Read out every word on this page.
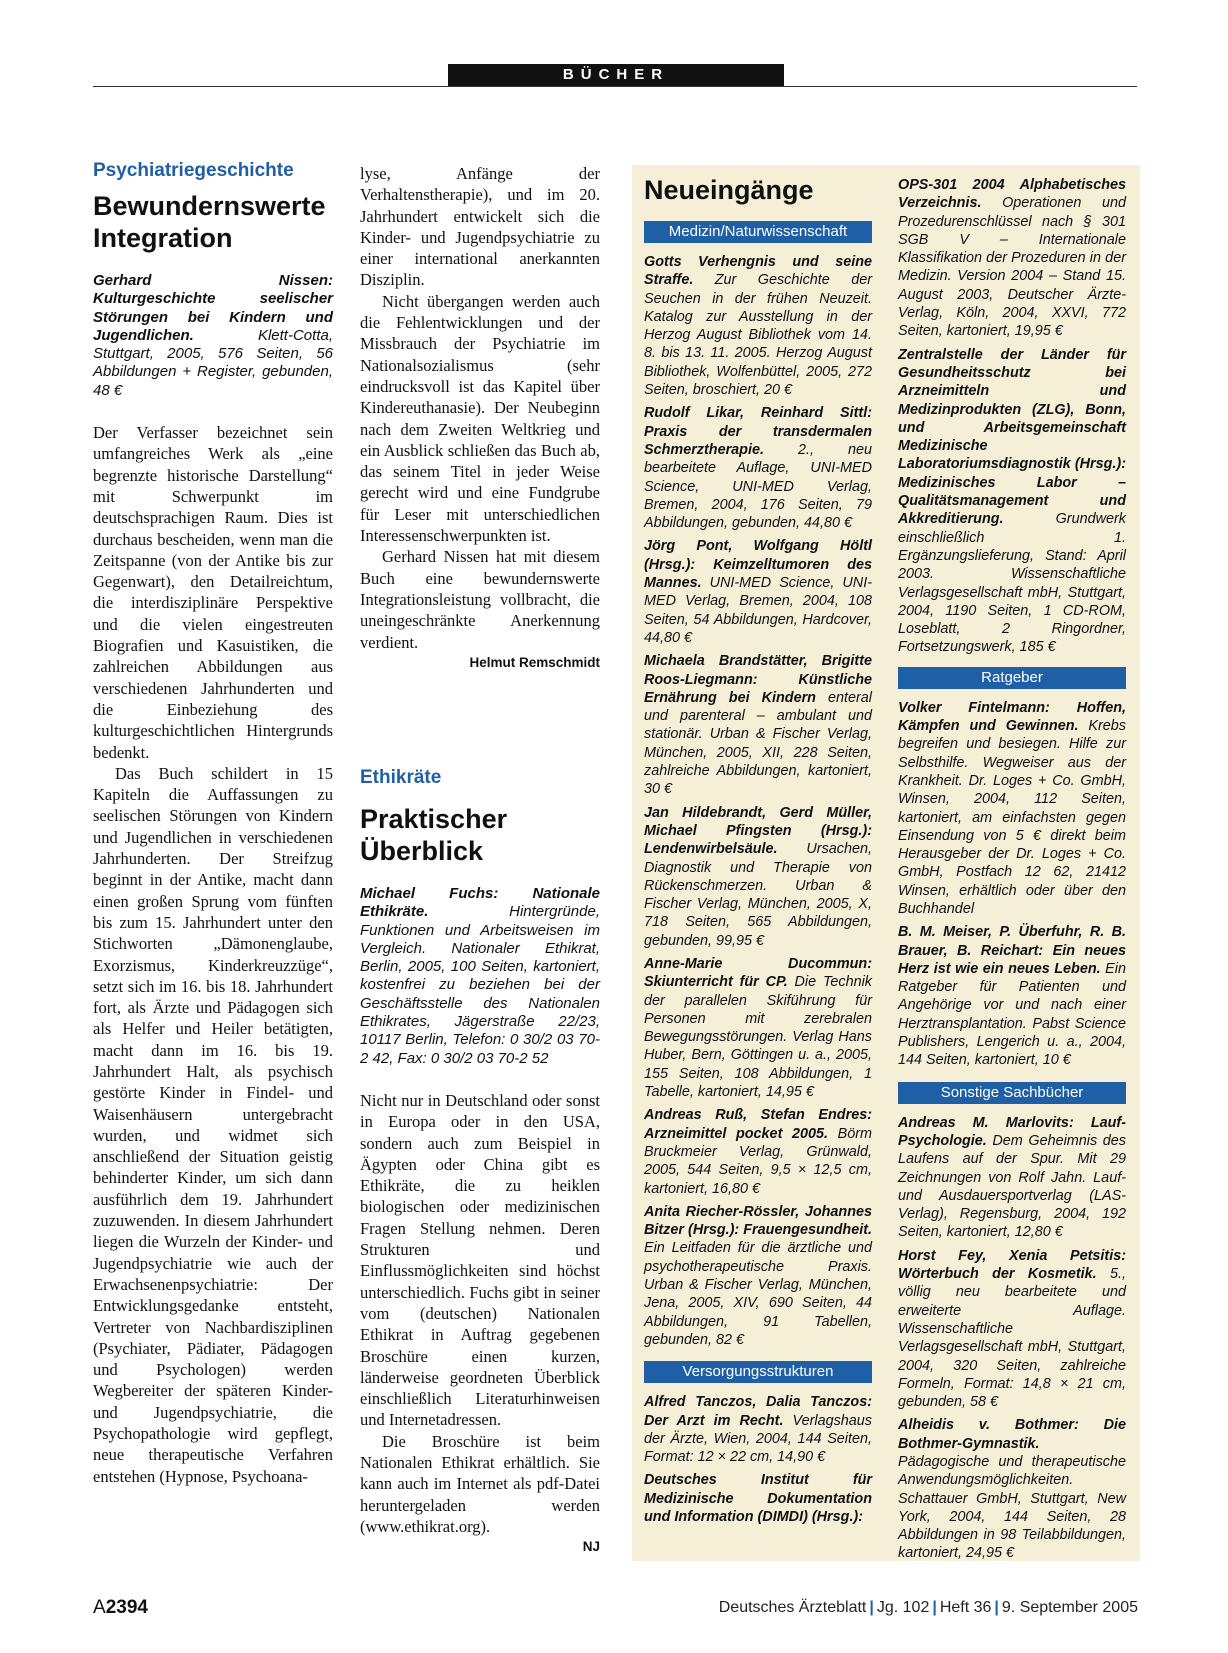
BÜCHER

Psychiatriegeschichte

Bewundernswerte
Integration
Gerhard Nissen: Kulturgeschichte seelischer Störungen bei Kindern und Jugendlichen. Klett-Cotta, Stuttgart, 2005, 576 Seiten, 56 Abbildungen + Register, gebunden, 48 €

Der Verfasser bezeichnet sein umfangreiches Werk als „eine begrenzte historische Darstellung“ mit Schwerpunkt im deutschsprachigen Raum. Dies ist durchaus bescheiden, wenn man die Zeitspanne (von der Antike bis zur Gegenwart), den Detailreichtum, die interdisziplinäre Perspektive und die vielen eingestreuten Biografien und Kasuistiken, die zahlreichen Abbildungen aus verschiedenen Jahrhunderten und die Einbeziehung des kulturgeschichtlichen Hintergrunds bedenkt.

Das Buch schildert in 15 Kapiteln die Auffassungen zu seelischen Störungen von Kindern und Jugendlichen in verschiedenen Jahrhunderten. Der Streifzug beginnt in der Antike, macht dann einen großen Sprung vom fünften bis zum 15. Jahrhundert unter den Stichworten „Dämonenglaube, Exorzismus, Kinderkreuzzüge“, setzt sich im 16. bis 18. Jahrhundert fort, als Ärzte und Pädagogen sich als Helfer und Heiler betätigten, macht dann im 16. bis 19. Jahrhundert Halt, als psychisch gestörte Kinder in Findel- und Waisenhäusern untergebracht wurden, und widmet sich anschließend der Situation geistig behinderter Kinder, um sich dann ausführlich dem 19. Jahrhundert zuzuwenden. In diesem Jahrhundert liegen die Wurzeln der Kinder- und Jugendpsychiatrie wie auch der Erwachsenenpsychiatrie: Der Entwicklungsgedanke entsteht, Vertreter von Nachbardisziplinen (Psychiater, Pädiater, Pädagogen und Psychologen) werden Wegbereiter der späteren Kinder- und Jugendpsychiatrie, die Psychopathologie wird gepflegt, neue therapeutische Verfahren entstehen (Hypnose, Psychoana-

lyse, Anfänge der Verhaltenstherapie), und im 20. Jahrhundert entwickelt sich die Kinder- und Jugendpsychiatrie zu einer international anerkannten Disziplin.

Nicht übergangen werden auch die Fehlentwicklungen und der Missbrauch der Psychiatrie im Nationalsozialismus (sehr eindrucksvoll ist das Kapitel über Kindereuthanasie). Der Neubeginn nach dem Zweiten Weltkrieg und ein Ausblick schließen das Buch ab, das seinem Titel in jeder Weise gerecht wird und eine Fundgrube für Leser mit unterschiedlichen Interessenschwerpunkten ist.

Gerhard Nissen hat mit diesem Buch eine bewundernswerte Integrationsleistung vollbracht, die uneingeschränkte Anerkennung verdient.

Helmut Remschmidt

Ethikräte

Praktischer
Überblick
Michael Fuchs: Nationale Ethikräte. Hintergründe, Funktionen und Arbeitsweisen im Vergleich. Nationaler Ethikrat, Berlin, 2005, 100 Seiten, kartoniert, kostenfrei zu beziehen bei der Geschäftsstelle des Nationalen Ethikrates, Jägerstraße 22/23, 10117 Berlin, Telefon: 0 30/2 03 70-2 42, Fax: 0 30/2 03 70-2 52

Nicht nur in Deutschland oder sonst in Europa oder in den USA, sondern auch zum Beispiel in Ägypten oder China gibt es Ethikräte, die zu heiklen biologischen oder medizinischen Fragen Stellung nehmen. Deren Strukturen und Einflussmöglichkeiten sind höchst unterschiedlich. Fuchs gibt in seiner vom (deutschen) Nationalen Ethikrat in Auftrag gegebenen Broschüre einen kurzen, länderweise geordneten Überblick einschließlich Literaturhinweisen und Internetadressen.

Die Broschüre ist beim Nationalen Ethikrat erhältlich. Sie kann auch im Internet als pdf-Datei heruntergeladen werden (www.ethikrat.org).

NJ
Neueingänge
Medizin/Naturwissenschaft

Gotts Verhengnis und seine Straffe. Zur Geschichte der Seuchen in der frühen Neuzeit. Katalog zur Ausstellung in der Herzog August Bibliothek vom 14. 8. bis 13. 11. 2005. Herzog August Bibliothek, Wolfenbüttel, 2005, 272 Seiten, broschiert, 20 €

Rudolf Likar, Reinhard Sittl: Praxis der transdermalen Schmerztherapie. 2., neu bearbeitete Auflage, UNI-MED Science, UNI-MED Verlag, Bremen, 2004, 176 Seiten, 79 Abbildungen, gebunden, 44,80 €

Jörg Pont, Wolfgang Höltl (Hrsg.): Keimzelltumoren des Mannes. UNI-MED Science, UNI-MED Verlag, Bremen, 2004, 108 Seiten, 54 Abbildungen, Hardcover, 44,80 €

Michaela Brandstätter, Brigitte Roos-Liegmann: Künstliche Ernährung bei Kindern enteral und parenteral – ambulant und stationär. Urban & Fischer Verlag, München, 2005, XII, 228 Seiten, zahlreiche Abbildungen, kartoniert, 30 €

Jan Hildebrandt, Gerd Müller, Michael Pfingsten (Hrsg.): Lendenwirbelsäule. Ursachen, Diagnostik und Therapie von Rückenschmerzen. Urban & Fischer Verlag, München, 2005, X, 718 Seiten, 565 Abbildungen, gebunden, 99,95 €

Anne-Marie Ducommun: Skiunterricht für CP. Die Technik der parallelen Skiführung für Personen mit zerebralen Bewegungsstörungen. Verlag Hans Huber, Bern, Göttingen u. a., 2005, 155 Seiten, 108 Abbildungen, 1 Tabelle, kartoniert, 14,95 €

Andreas Ruß, Stefan Endres: Arzneimittel pocket 2005. Börm Bruckmeier Verlag, Grünwald, 2005, 544 Seiten, 9,5 × 12,5 cm, kartoniert, 16,80 €

Anita Riecher-Rössler, Johannes Bitzer (Hrsg.): Frauengesundheit. Ein Leitfaden für die ärztliche und psychotherapeutische Praxis. Urban & Fischer Verlag, München, Jena, 2005, XIV, 690 Seiten, 44 Abbildungen, 91 Tabellen, gebunden, 82 €

Versorgungsstrukturen

Alfred Tanczos, Dalia Tanczos: Der Arzt im Recht. Verlagshaus der Ärzte, Wien, 2004, 144 Seiten, Format: 12 × 22 cm, 14,90 €

Deutsches Institut für Medizinische Dokumentation und Information (DIMDI) (Hrsg.):

OPS-301 2004 Alphabetisches Verzeichnis. Operationen und Prozedurenschlüssel nach § 301 SGB V – Internationale Klassifikation der Prozeduren in der Medizin. Version 2004 – Stand 15. August 2003, Deutscher Ärzte-Verlag, Köln, 2004, XXVI, 772 Seiten, kartoniert, 19,95 €

Zentralstelle der Länder für Gesundheitsschutz bei Arzneimitteln und Medizinprodukten (ZLG), Bonn, und Arbeitsgemeinschaft Medizinische Laboratoriumsdiagnostik (Hrsg.): Medizinisches Labor – Qualitätsmanagement und Akkreditierung. Grundwerk einschließlich 1. Ergänzungslieferung, Stand: April 2003. Wissenschaftliche Verlagsgesellschaft mbH, Stuttgart, 2004, 1190 Seiten, 1 CD-ROM, Loseblatt, 2 Ringordner, Fortsetzungswerk, 185 €

Ratgeber

Volker Fintelmann: Hoffen, Kämpfen und Gewinnen. Krebs begreifen und besiegen. Hilfe zur Selbsthilfe. Wegweiser aus der Krankheit. Dr. Loges + Co. GmbH, Winsen, 2004, 112 Seiten, kartoniert, am einfachsten gegen Einsendung von 5 € direkt beim Herausgeber der Dr. Loges + Co. GmbH, Postfach 12 62, 21412 Winsen, erhältlich oder über den Buchhandel

B. M. Meiser, P. Überfuhr, R. B. Brauer, B. Reichart: Ein neues Herz ist wie ein neues Leben. Ein Ratgeber für Patienten und Angehörige vor und nach einer Herztransplantation. Pabst Science Publishers, Lengerich u. a., 2004, 144 Seiten, kartoniert, 10 €

Sonstige Sachbücher

Andreas M. Marlovits: Lauf-Psychologie. Dem Geheimnis des Laufens auf der Spur. Mit 29 Zeichnungen von Rolf Jahn. Lauf- und Ausdauersportverlag (LAS-Verlag), Regensburg, 2004, 192 Seiten, kartoniert, 12,80 €

Horst Fey, Xenia Petsitis: Wörterbuch der Kosmetik. 5., völlig neu bearbeitete und erweiterte Auflage. Wissenschaftliche Verlagsgesellschaft mbH, Stuttgart, 2004, 320 Seiten, zahlreiche Formeln, Format: 14,8 × 21 cm, gebunden, 58 €

Alheidis v. Bothmer: Die Bothmer-Gymnastik. Pädagogische und therapeutische Anwendungsmöglichkeiten. Schattauer GmbH, Stuttgart, New York, 2004, 144 Seiten, 28 Abbildungen in 98 Teilabbildungen, kartoniert, 24,95 €

A2394	Deutsches Ärzteblatt | Jg. 102 | Heft 36 | 9. September 2005
